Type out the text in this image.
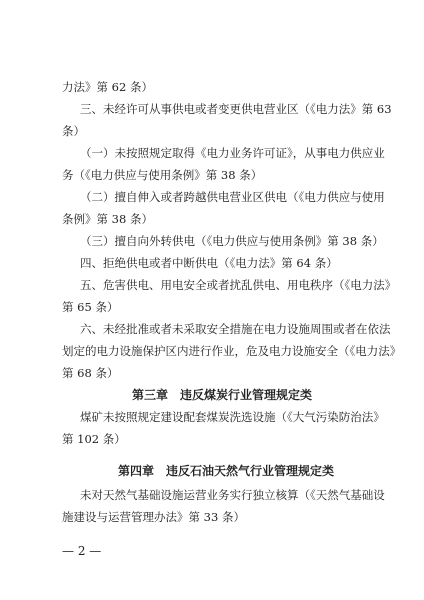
力法》第 62 条）
三、未经许可从事供电或者变更供电营业区（《电力法》第 63
条）
（一）未按照规定取得《电力业务许可证》，从事电力供应业
务（《电力供应与使用条例》第 38 条）
（二）擅自伸入或者跨越供电营业区供电（《电力供应与使用
条例》第 38 条）
（三）擅自向外转供电（《电力供应与使用条例》第 38 条）
四、拒绝供电或者中断供电（《电力法》第 64 条）
五、危害供电、用电安全或者扰乱供电、用电秩序（《电力法》
第 65 条）
六、未经批准或者未采取安全措施在电力设施周围或者在依法
划定的电力设施保护区内进行作业，危及电力设施安全（《电力法》
第 68 条）
第三章　违反煤炭行业管理规定类
煤矿未按照规定建设配套煤炭洗选设施（《大气污染防治法》
第 102 条）
第四章　违反石油天然气行业管理规定类
未对天然气基础设施运营业务实行独立核算（《天然气基础设
施建设与运营管理办法》第 33 条）
— 2 —
